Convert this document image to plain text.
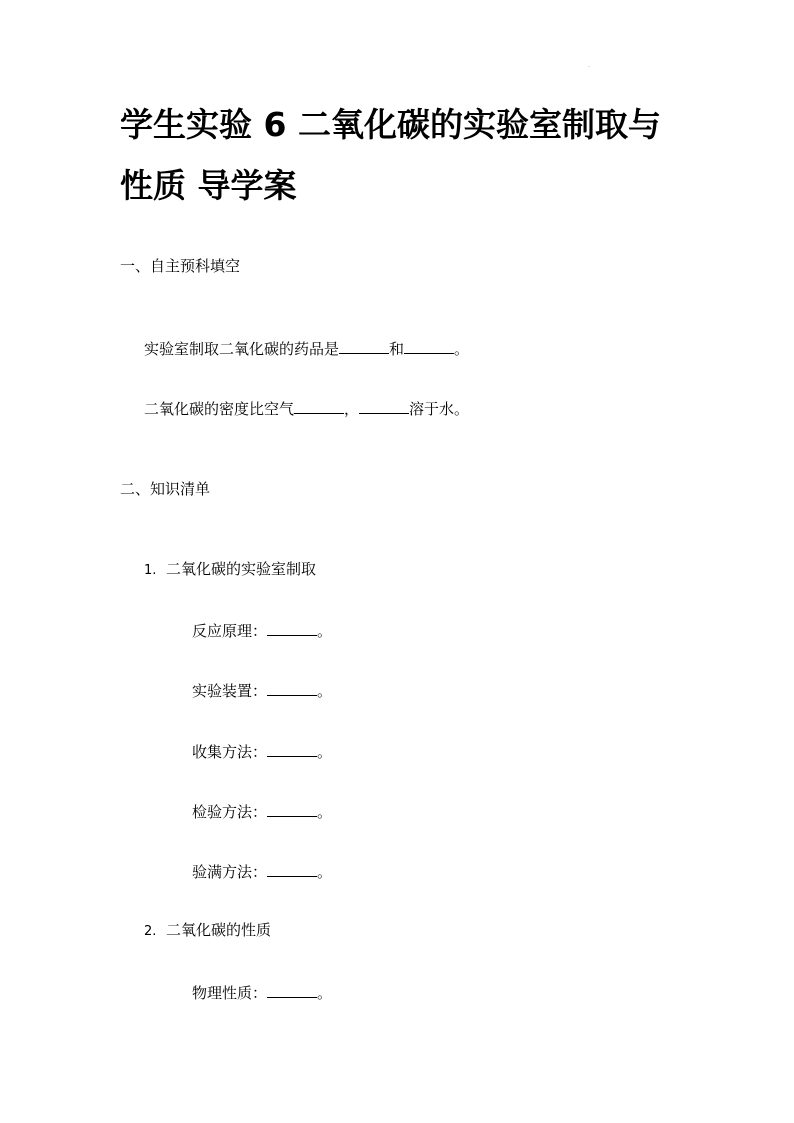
.
学生实验 6 二氧化碳的实验室制取与
性质 导学案
一、自主预科填空
实验室制取二氧化碳的药品是	和	。
二氧化碳的密度比空气	，	溶于水。
二、知识清单
1. 二氧化碳的实验室制取
反应原理：	。
实验装置：	。
收集方法：	。
检验方法：	。
验满方法：	。
2. 二氧化碳的性质
物理性质：	。
